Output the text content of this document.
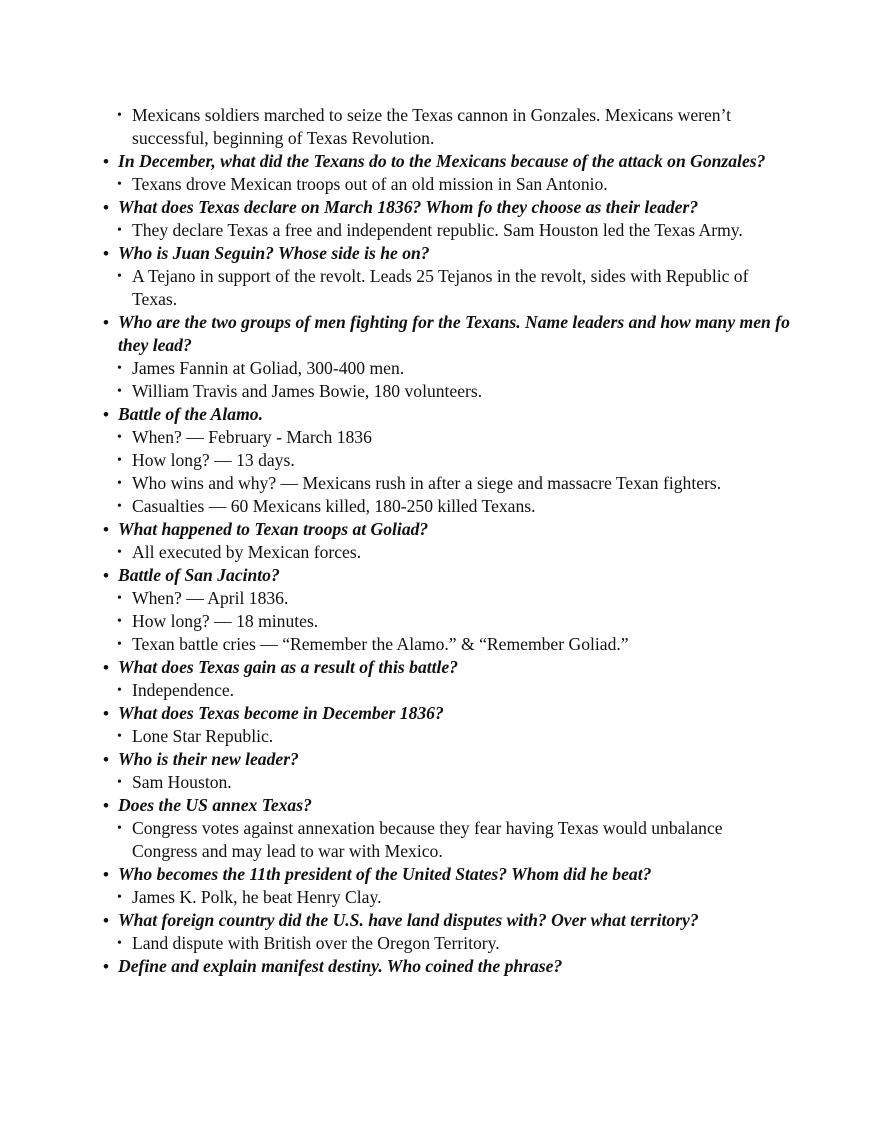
• Mexicans soldiers marched to seize the Texas cannon in Gonzales. Mexicans weren’t successful, beginning of Texas Revolution.
• In December, what did the Texans do to the Mexicans because of the attack on Gonzales?
• Texans drove Mexican troops out of an old mission in San Antonio.
• What does Texas declare on March 1836? Whom fo they choose as their leader?
• They declare Texas a free and independent republic. Sam Houston led the Texas Army.
• Who is Juan Seguin? Whose side is he on?
• A Tejano in support of the revolt. Leads 25 Tejanos in the revolt, sides with Republic of Texas.
• Who are the two groups of men fighting for the Texans. Name leaders and how many men fo they lead?
• James Fannin at Goliad, 300-400 men.
• William Travis and James Bowie, 180 volunteers.
• Battle of the Alamo.
• When? — February - March 1836
• How long? — 13 days.
• Who wins and why? — Mexicans rush in after a siege and massacre Texan fighters.
• Casualties — 60 Mexicans killed, 180-250 killed Texans.
• What happened to Texan troops at Goliad?
• All executed by Mexican forces.
• Battle of San Jacinto?
• When? — April 1836.
• How long? — 18 minutes.
• Texan battle cries — “Remember the Alamo.” & “Remember Goliad.”
• What does Texas gain as a result of this battle?
• Independence.
• What does Texas become in December 1836?
• Lone Star Republic.
• Who is their new leader?
• Sam Houston.
• Does the US annex Texas?
• Congress votes against annexation because they fear having Texas would unbalance Congress and may lead to war with Mexico.
• Who becomes the 11th president of the United States? Whom did he beat?
• James K. Polk, he beat Henry Clay.
• What foreign country did the U.S. have land disputes with? Over what territory?
• Land dispute with British over the Oregon Territory.
• Define and explain manifest destiny. Who coined the phrase?
